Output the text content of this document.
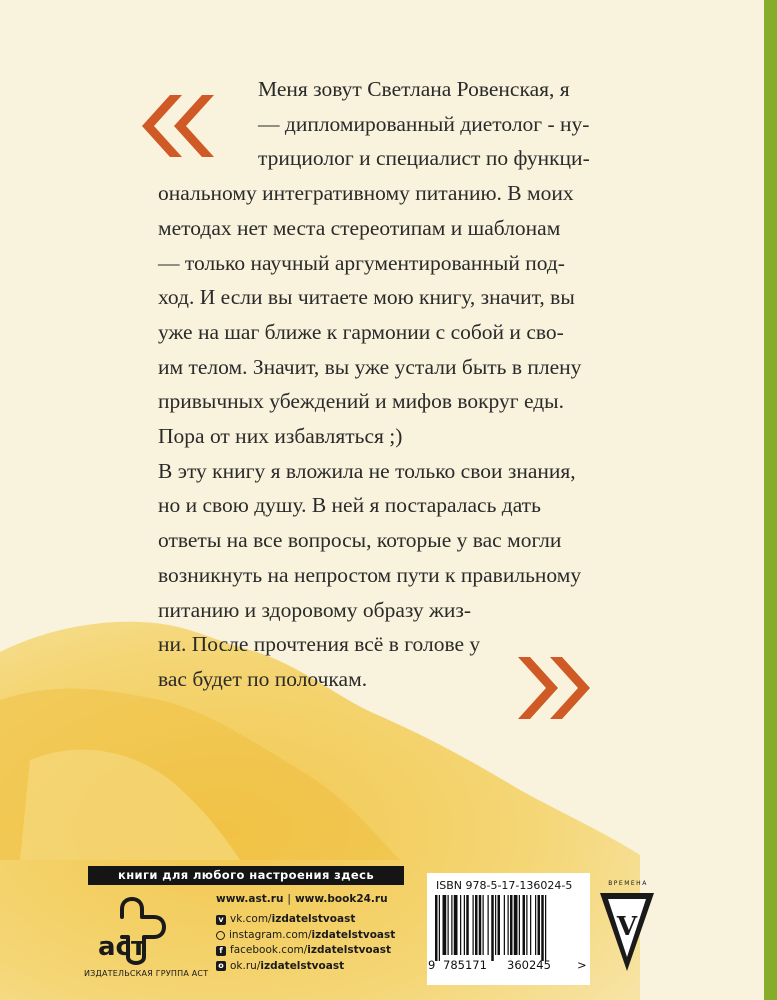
Меня зовут Светлана Ровенская, я
— дипломированный диетолог - ну-
трициолог и специалист по функци-
ональному интегративному питанию. В моих
методах нет места стереотипам и шаблонам
— только научный аргументированный под-
ход. И если вы читаете мою книгу, значит, вы
уже на шаг ближе к гармонии с собой и сво-
им телом. Значит, вы уже устали быть в плену
привычных убеждений и мифов вокруг еды.
Пора от них избавляться ;)
В эту книгу я вложила не только свои знания,
но и свою душу. В ней я постаралась дать
ответы на все вопросы, которые у вас могли
возникнуть на непростом пути к правильному
питанию и здоровому образу жиз-
ни. После прочтения всё в голове у
вас будет по полочкам.
книги для любого настроения здесь
аст
ИЗДАТЕЛЬСКАЯ ГРУППА АСТ
www.ast.ru | www.book24.ru
v vk.com/ izdatelstvoast
instagram.com/ izdatelstvoast
f facebook.com/ izdatelstvoast
o ok.ru/ izdatelstvoast
ISBN 978-5-17-136024-5
9 785171 360245 >
ВРЕМЕНА
V
